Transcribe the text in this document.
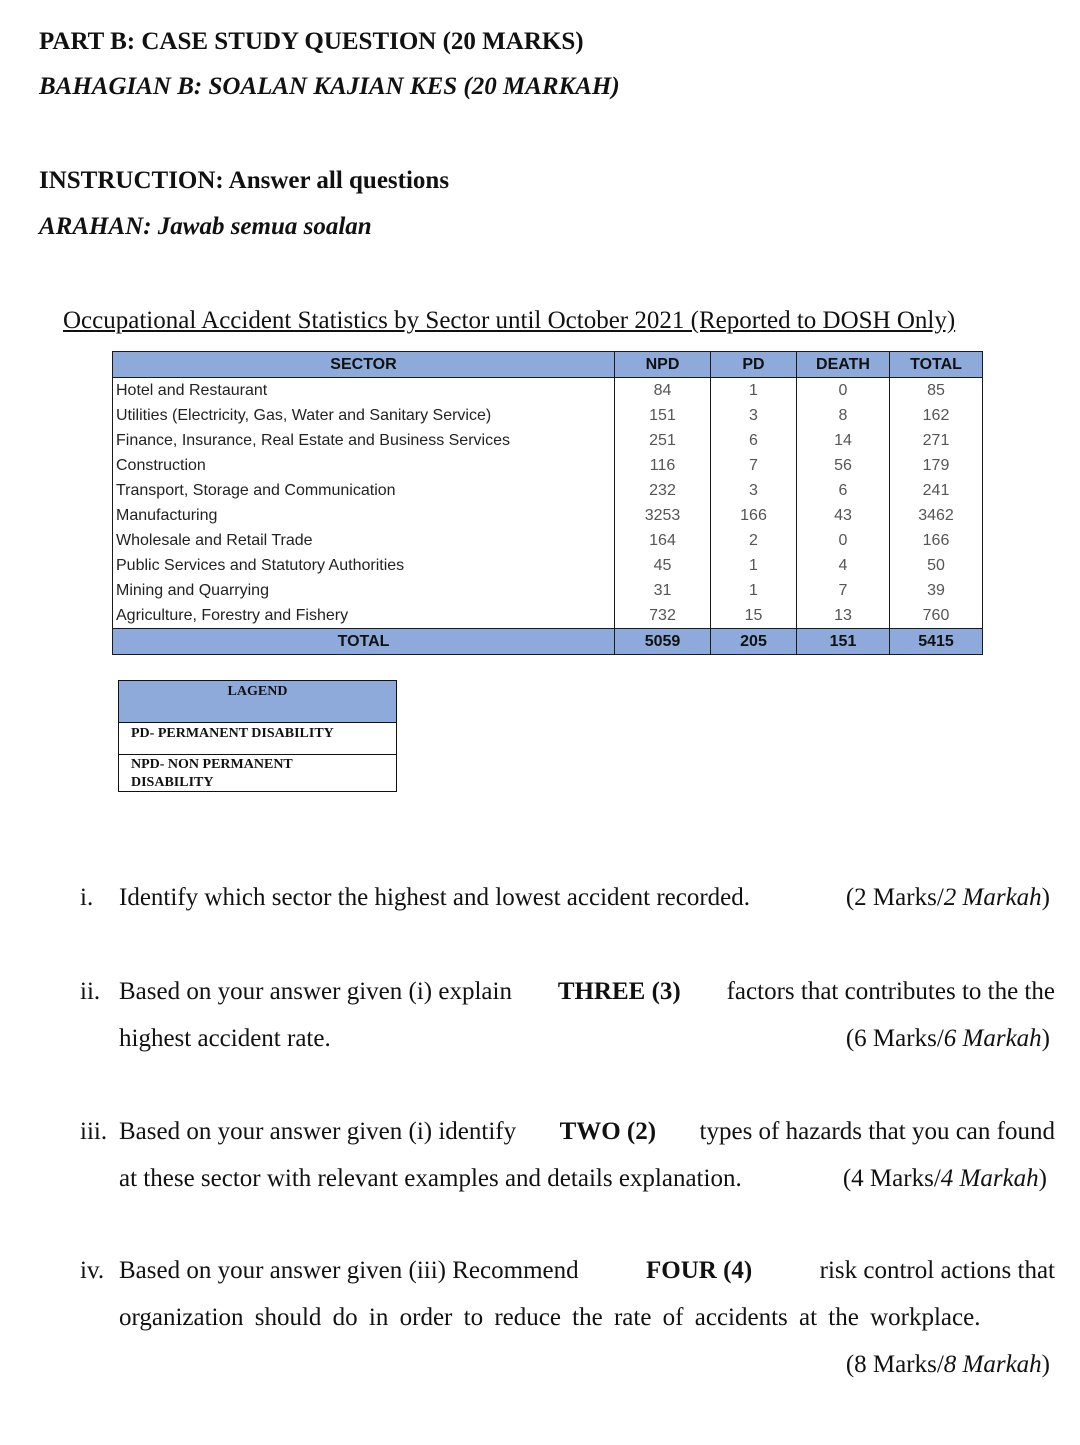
PART B: CASE STUDY QUESTION (20 MARKS)
BAHAGIAN B: SOALAN KAJIAN KES (20 MARKAH)
INSTRUCTION: Answer all questions
ARAHAN: Jawab semua soalan
Occupational Accident Statistics by Sector until October 2021 (Reported to DOSH Only)
SECTOR	NPD	PD	DEATH	TOTAL
Hotel and Restaurant	84	1	0	85
Utilities (Electricity, Gas, Water and Sanitary Service)	151	3	8	162
Finance, Insurance, Real Estate and Business Services	251	6	14	271
Construction	116	7	56	179
Transport, Storage and Communication	232	3	6	241
Manufacturing	3253	166	43	3462
Wholesale and Retail Trade	164	2	0	166
Public Services and Statutory Authorities	45	1	4	50
Mining and Quarrying	31	1	7	39
Agriculture, Forestry and Fishery	732	15	13	760
TOTAL	5059	205	151	5415
LAGEND
PD- PERMANENT DISABILITY
NPD- NON PERMANENT
DISABILITY
i. Identify which sector the highest and lowest accident recorded.	(2 Marks/2 Markah)
ii. Based on your answer given (i) explain THREE (3) factors that contributes to the the
highest accident rate.	(6 Marks/6 Markah)
iii. Based on your answer given (i) identify TWO (2) types of hazards that you can found
at these sector with relevant examples and details explanation.	(4 Marks/4 Markah)
iv. Based on your answer given (iii) Recommend FOUR (4) risk control actions that
organization should do in order to reduce the rate of accidents at the workplace.
(8 Marks/8 Markah)
